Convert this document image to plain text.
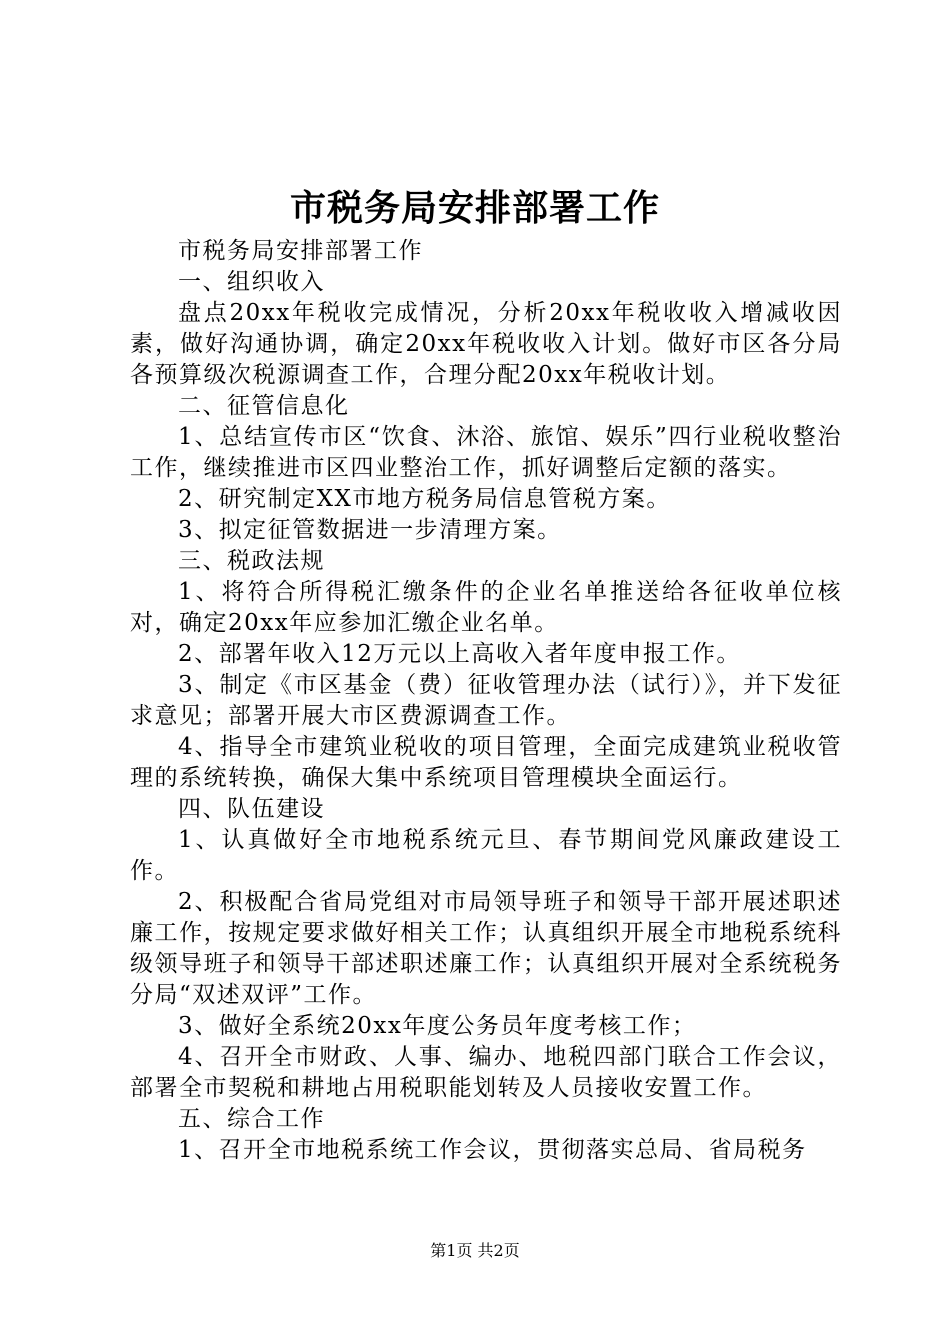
市税务局安排部署工作

市税务局安排部署工作

一、组织收入

盘点20xx年税收完成情况，分析20xx年税收收入增减收因素，做好沟通协调，确定20xx年税收收入计划。做好市区各分局各预算级次税源调查工作，合理分配20xx年税收计划。

二、征管信息化

1、总结宣传市区“饮食、沐浴、旅馆、娱乐”四行业税收整治工作，继续推进市区四业整治工作，抓好调整后定额的落实。

2、研究制定XX市地方税务局信息管税方案。

3、拟定征管数据进一步清理方案。

三、税政法规

1、将符合所得税汇缴条件的企业名单推送给各征收单位核对，确定20xx年应参加汇缴企业名单。

2、部署年收入12万元以上高收入者年度申报工作。

3、制定《市区基金（费）征收管理办法（试行）》，并下发征求意见；部署开展大市区费源调查工作。

4、指导全市建筑业税收的项目管理，全面完成建筑业税收管理的系统转换，确保大集中系统项目管理模块全面运行。

四、队伍建设

1、认真做好全市地税系统元旦、春节期间党风廉政建设工作。

2、积极配合省局党组对市局领导班子和领导干部开展述职述廉工作，按规定要求做好相关工作；认真组织开展全市地税系统科级领导班子和领导干部述职述廉工作；认真组织开展对全系统税务分局“双述双评”工作。

3、做好全系统20xx年度公务员年度考核工作；

4、召开全市财政、人事、编办、地税四部门联合工作会议，部署全市契税和耕地占用税职能划转及人员接收安置工作。

五、综合工作

1、召开全市地税系统工作会议，贯彻落实总局、省局税务

第1页 共2页
